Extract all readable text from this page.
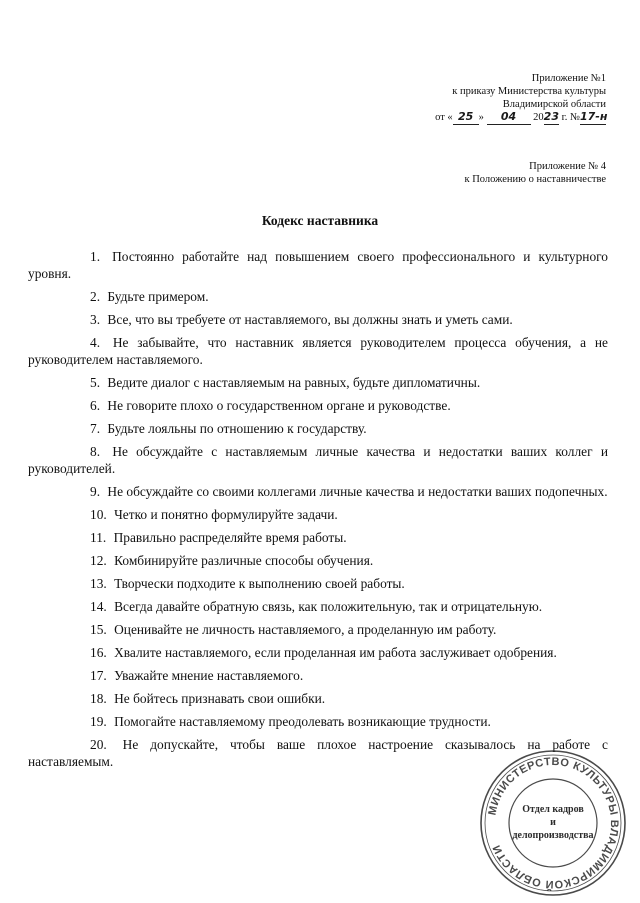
Приложение №1
к приказу Министерства культуры
Владимирской области
от « 25 » 04 2023 г. №17-н
Приложение № 4
к Положению о наставничестве
Кодекс наставника

1. Постоянно работайте над повышением своего профессионального и культурного уровня.

2. Будьте примером.

3. Все, что вы требуете от наставляемого, вы должны знать и уметь сами.

4. Не забывайте, что наставник является руководителем процесса обучения, а не руководителем наставляемого.

5. Ведите диалог с наставляемым на равных, будьте дипломатичны.

6. Не говорите плохо о государственном органе и руководстве.

7. Будьте лояльны по отношению к государству.

8. Не обсуждайте с наставляемым личные качества и недостатки ваших коллег и руководителей.

9. Не обсуждайте со своими коллегами личные качества и недостатки ваших подопечных.

10. Четко и понятно формулируйте задачи.

11. Правильно распределяйте время работы.

12. Комбинируйте различные способы обучения.

13. Творчески подходите к выполнению своей работы.

14. Всегда давайте обратную связь, как положительную, так и отрицательную.

15. Оценивайте не личность наставляемого, а проделанную им работу.

16. Хвалите наставляемого, если проделанная им работа заслуживает одобрения.

17. Уважайте мнение наставляемого.

18. Не бойтесь признавать свои ошибки.

19. Помогайте наставляемому преодолевать возникающие трудности.

20. Не допускайте, чтобы ваше плохое настроение сказывалось на работе с наставляемым.

МИНИСТЕРСТВО КУЛЬТУРЫ ВЛАДИМИРСКОЙ ОБЛАСТИ
Отдел кадров
и
делопроизводства
